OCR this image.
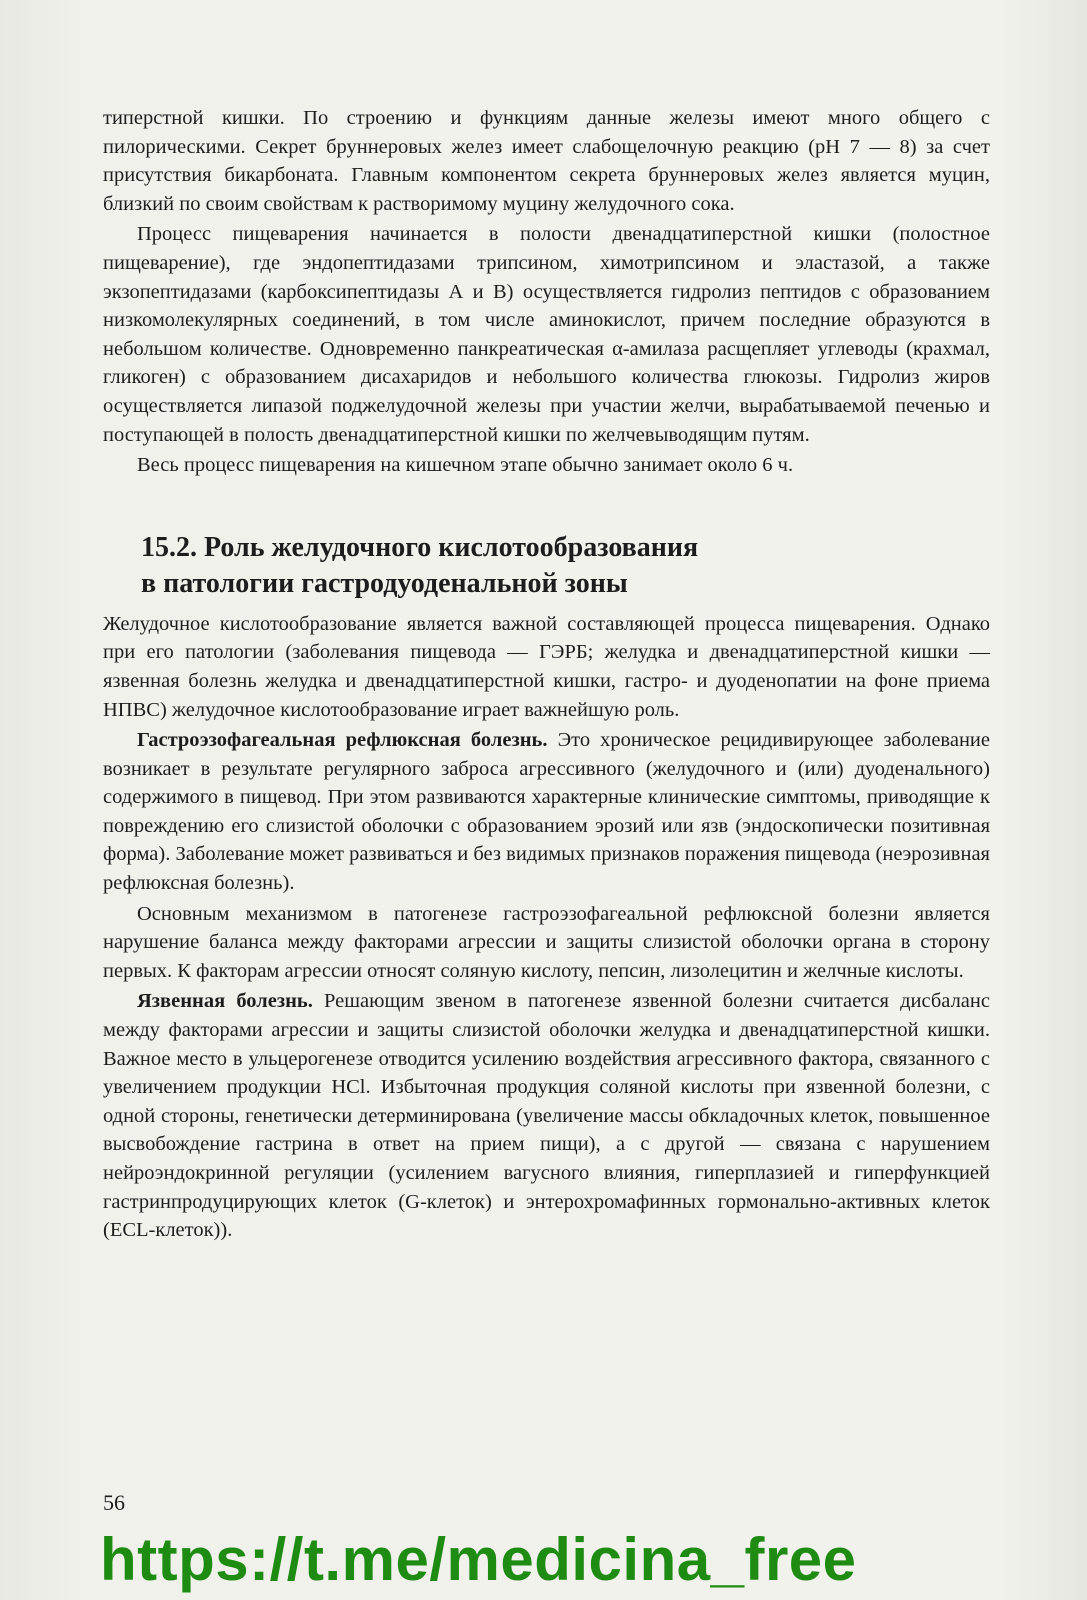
типерстной кишки. По строению и функциям данные железы имеют много общего с пилорическими. Секрет бруннеровых желез имеет слабощелочную реакцию (рН 7 — 8) за счет присутствия бикарбоната. Главным компонентом секрета бруннеровых желез является муцин, близкий по своим свойствам к растворимому муцину желудочного сока.

Процесс пищеварения начинается в полости двенадцатиперстной кишки (полостное пищеварение), где эндопептидазами трипсином, химотрипсином и эластазой, а также экзопептидазами (карбоксипептидазы А и В) осуществляется гидролиз пептидов с образованием низкомолекулярных соединений, в том числе аминокислот, причем последние образуются в небольшом количестве. Одновременно панкреатическая α-амилаза расщепляет углеводы (крахмал, гликоген) с образованием дисахаридов и небольшого количества глюкозы. Гидролиз жиров осуществляется липазой поджелудочной железы при участии желчи, вырабатываемой печенью и поступающей в полость двенадцатиперстной кишки по желчевыводящим путям.

Весь процесс пищеварения на кишечном этапе обычно занимает около 6 ч.

15.2. Роль желудочного кислотообразования
в патологии гастродуоденальной зоны

Желудочное кислотообразование является важной составляющей процесса пищеварения. Однако при его патологии (заболевания пищевода — ГЭРБ; желудка и двенадцатиперстной кишки — язвенная болезнь желудка и двенадцатиперстной кишки, гастро- и дуоденопатии на фоне приема НПВС) желудочное кислотообразование играет важнейшую роль.

Гастроэзофагеальная рефлюксная болезнь. Это хроническое рецидивирующее заболевание возникает в результате регулярного заброса агрессивного (желудочного и (или) дуоденального) содержимого в пищевод. При этом развиваются характерные клинические симптомы, приводящие к повреждению его слизистой оболочки с образованием эрозий или язв (эндоскопически позитивная форма). Заболевание может развиваться и без видимых признаков поражения пищевода (неэрозивная рефлюксная болезнь).

Основным механизмом в патогенезе гастроэзофагеальной рефлюксной болезни является нарушение баланса между факторами агрессии и защиты слизистой оболочки органа в сторону первых. К факторам агрессии относят соляную кислоту, пепсин, лизолецитин и желчные кислоты.

Язвенная болезнь. Решающим звеном в патогенезе язвенной болезни считается дисбаланс между факторами агрессии и защиты слизистой оболочки желудка и двенадцатиперстной кишки. Важное место в ульцерогенезе отводится усилению воздействия агрессивного фактора, связанного с увеличением продукции HCl. Избыточная продукция соляной кислоты при язвенной болезни, с одной стороны, генетически детерминирована (увеличение массы обкладочных клеток, повышенное высвобождение гастрина в ответ на прием пищи), а с другой — связана с нарушением нейроэндокринной регуляции (усилением вагусного влияния, гиперплазией и гиперфункцией гастринпродуцирующих клеток (G-клеток) и энтерохромафинных гормонально-активных клеток (ECL-клеток)).

56
https://t.me/medicina_free
